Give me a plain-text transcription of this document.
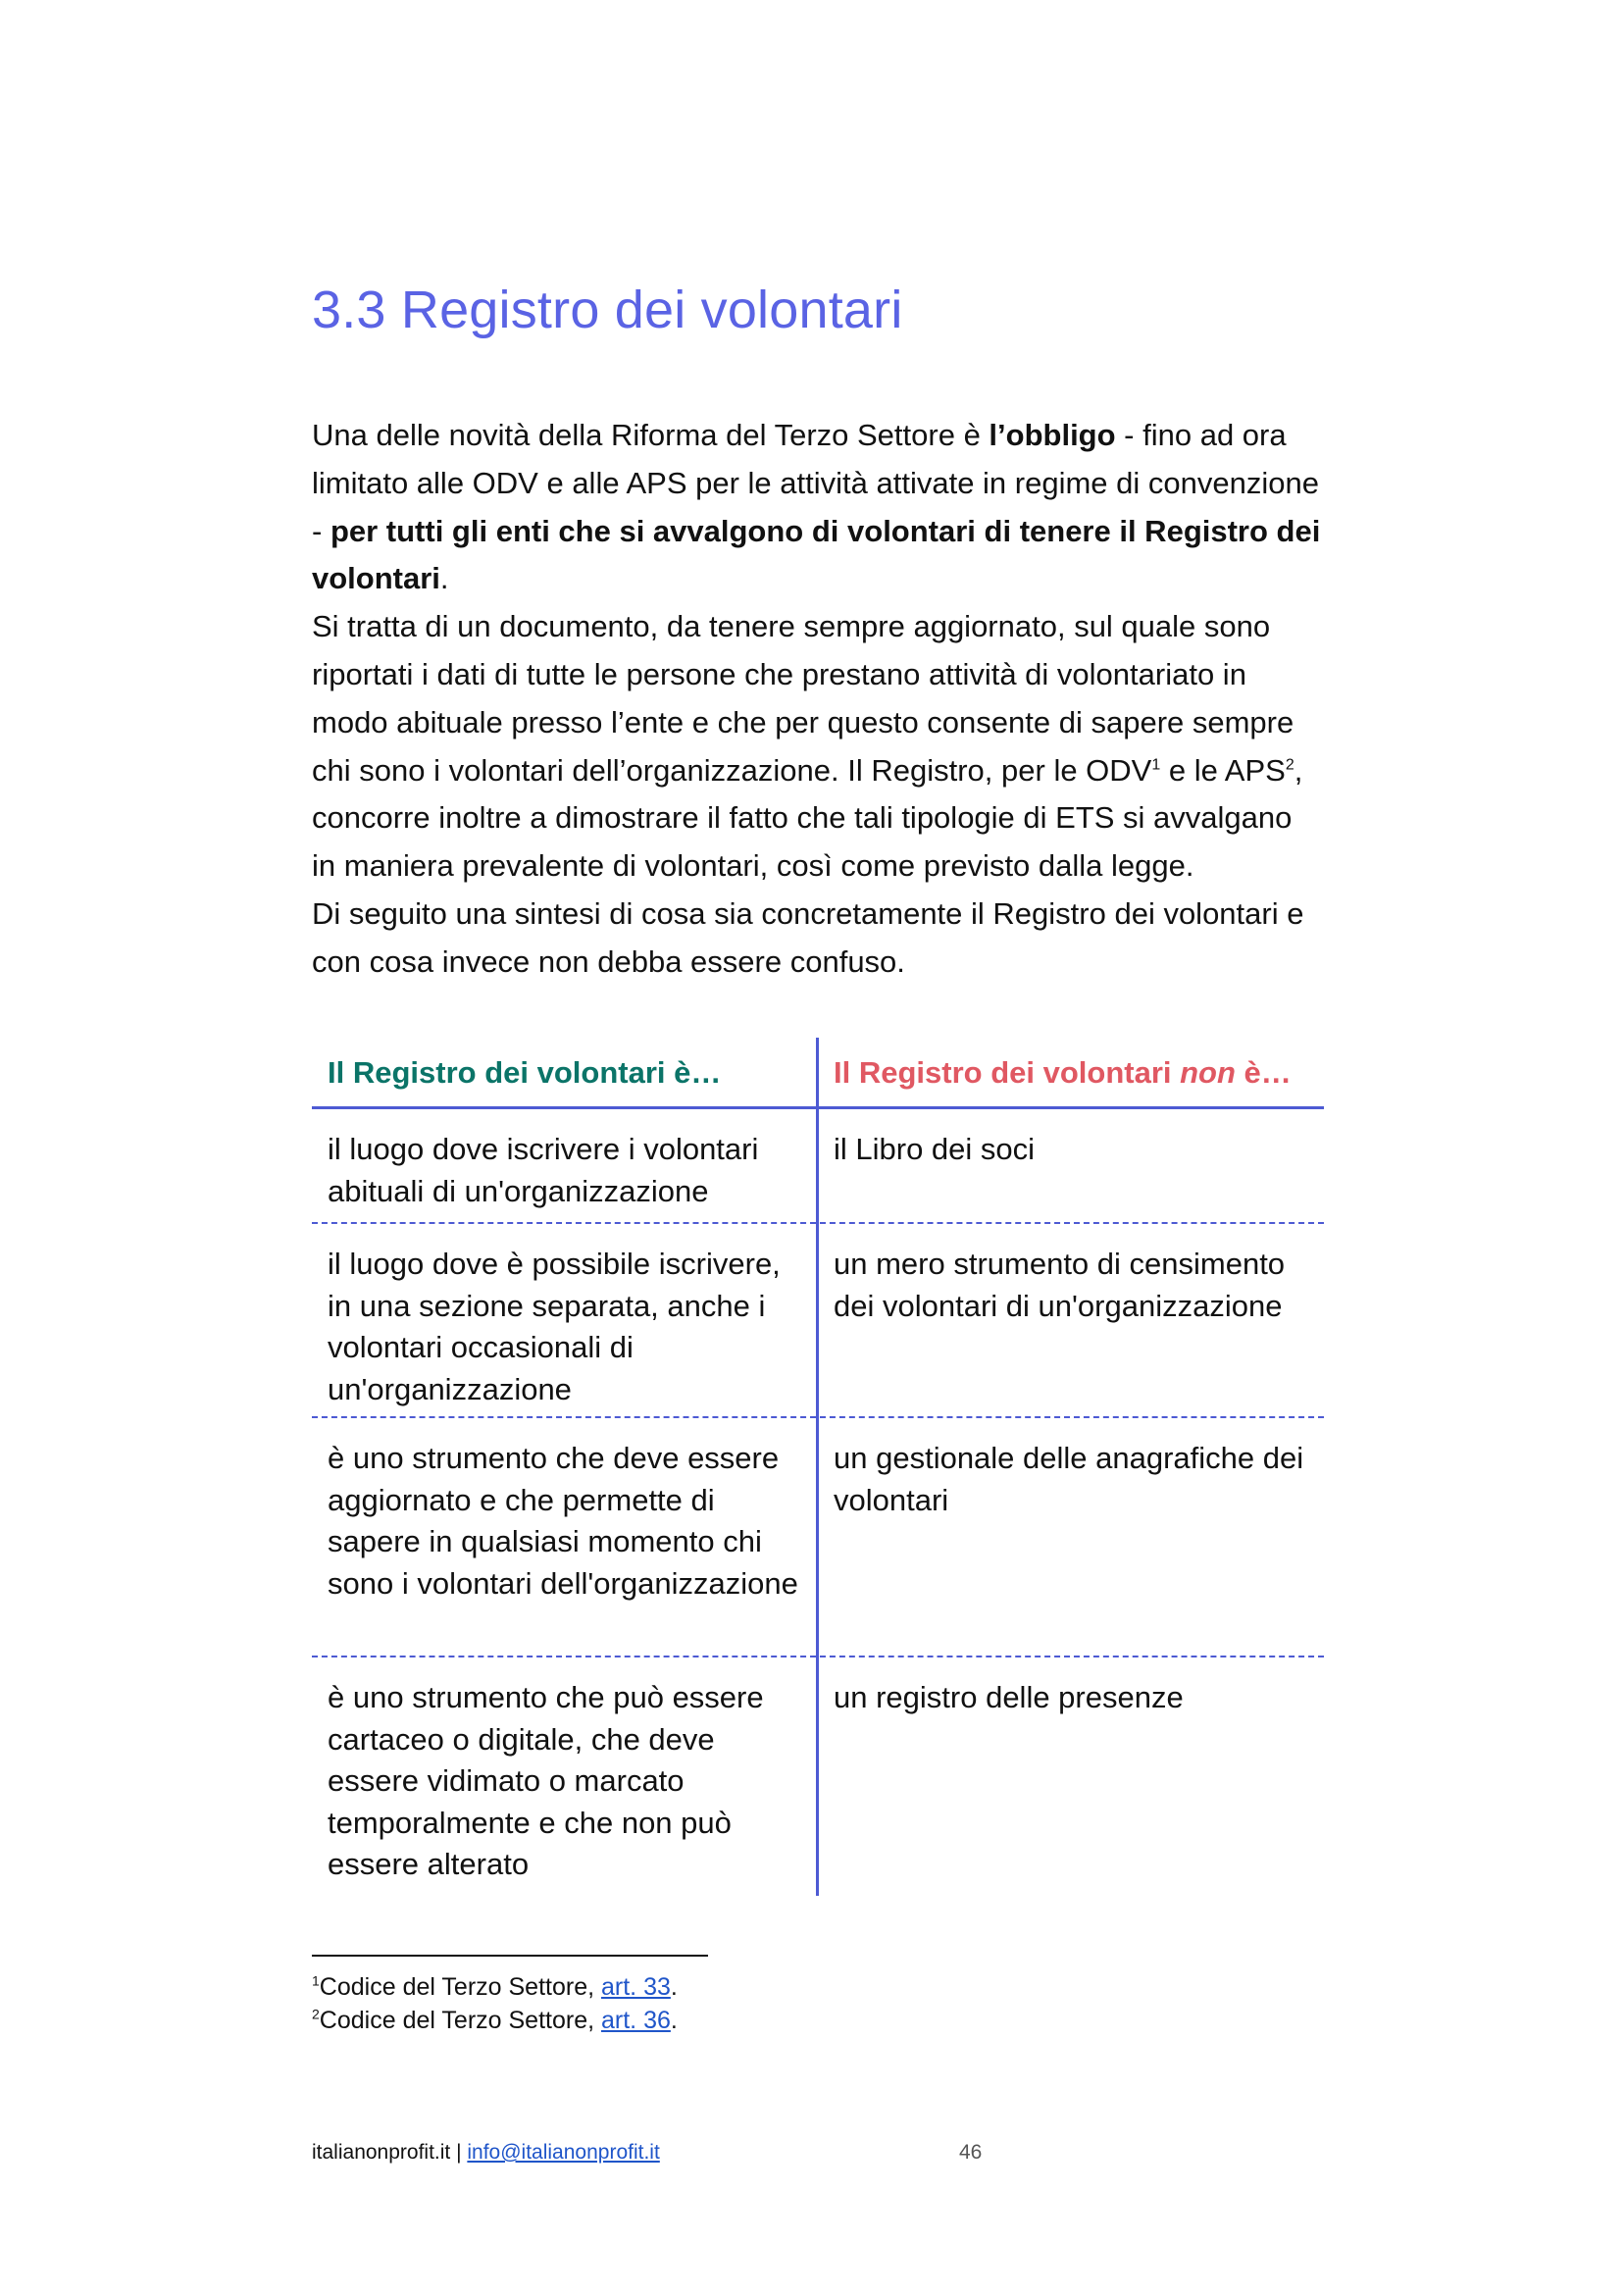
3.3 Registro dei volontari

Una delle novità della Riforma del Terzo Settore è l’obbligo - fino ad ora limitato alle ODV e alle APS per le attività attivate in regime di convenzione - per tutti gli enti che si avvalgono di volontari di tenere il Registro dei volontari.

Si tratta di un documento, da tenere sempre aggiornato, sul quale sono riportati i dati di tutte le persone che prestano attività di volontariato in modo abituale presso l’ente e che per questo consente di sapere sempre chi sono i volontari dell’organizzazione. Il Registro, per le ODV$^1$ e le APS$^2$, concorre inoltre a dimostrare il fatto che tali tipologie di ETS si avvalgano in maniera prevalente di volontari, così come previsto dalla legge.

Di seguito una sintesi di cosa sia concretamente il Registro dei volontari e con cosa invece non debba essere confuso.

Il Registro dei volontari è…	Il Registro dei volontari non è…
il luogo dove iscrivere i volontari abituali di un'organizzazione
il Libro dei soci
il luogo dove è possibile iscrivere, in una sezione separata, anche i volontari occasionali di un'organizzazione
un mero strumento di censimento dei volontari di un'organizzazione
è uno strumento che deve essere aggiornato e che permette di sapere in qualsiasi momento chi sono i volontari dell'organizzazione
un gestionale delle anagrafiche dei volontari
è uno strumento che può essere cartaceo o digitale, che deve essere vidimato o marcato temporalmente e che non può essere alterato
un registro delle presenze
$^1$Codice del Terzo Settore, art. 33.
$^2$Codice del Terzo Settore, art. 36.
italianonprofit.it | info@italianonprofit.it	46
